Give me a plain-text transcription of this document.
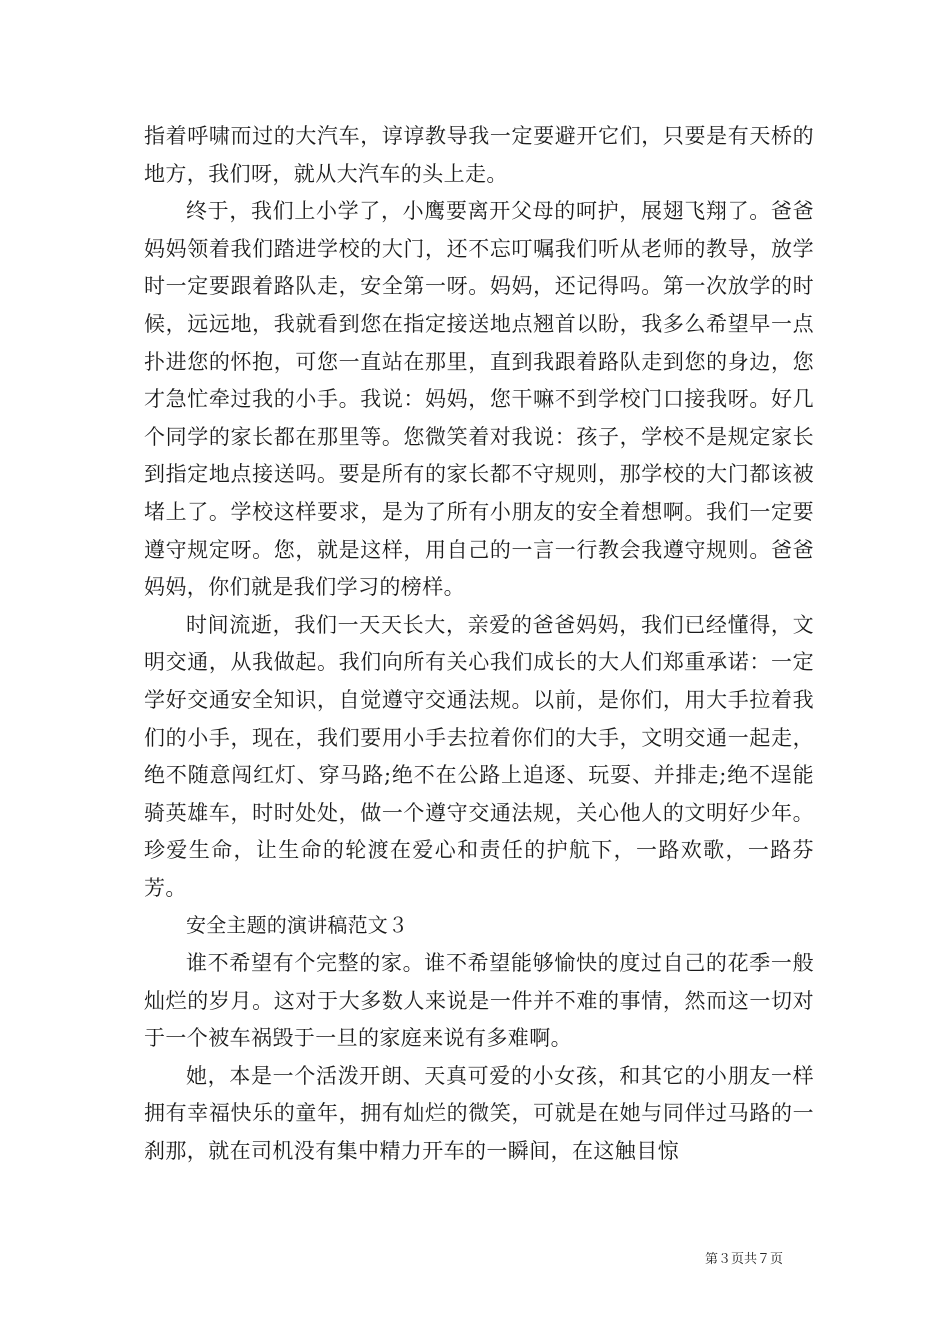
指着呼啸而过的大汽车，谆谆教导我一定要避开它们，只要是有天桥的地方，我们呀，就从大汽车的头上走。

终于，我们上小学了，小鹰要离开父母的呵护，展翅飞翔了。爸爸妈妈领着我们踏进学校的大门，还不忘叮嘱我们听从老师的教导，放学时一定要跟着路队走，安全第一呀。妈妈，还记得吗。第一次放学的时候，远远地，我就看到您在指定接送地点翘首以盼，我多么希望早一点扑进您的怀抱，可您一直站在那里，直到我跟着路队走到您的身边，您才急忙牵过我的小手。我说：妈妈，您干嘛不到学校门口接我呀。好几个同学的家长都在那里等。您微笑着对我说：孩子，学校不是规定家长到指定地点接送吗。要是所有的家长都不守规则，那学校的大门都该被堵上了。学校这样要求，是为了所有小朋友的安全着想啊。我们一定要遵守规定呀。您，就是这样，用自己的一言一行教会我遵守规则。爸爸妈妈，你们就是我们学习的榜样。

时间流逝，我们一天天长大，亲爱的爸爸妈妈，我们已经懂得，文明交通，从我做起。我们向所有关心我们成长的大人们郑重承诺：一定学好交通安全知识，自觉遵守交通法规。以前，是你们，用大手拉着我们的小手，现在，我们要用小手去拉着你们的大手，文明交通一起走，绝不随意闯红灯、穿马路;绝不在公路上追逐、玩耍、并排走;绝不逞能骑英雄车，时时处处，做一个遵守交通法规，关心他人的文明好少年。珍爱生命，让生命的轮渡在爱心和责任的护航下，一路欢歌，一路芬芳。

安全主题的演讲稿范文３

谁不希望有个完整的家。谁不希望能够愉快的度过自己的花季一般灿烂的岁月。这对于大多数人来说是一件并不难的事情，然而这一切对于一个被车祸毁于一旦的家庭来说有多难啊。

她，本是一个活泼开朗、天真可爱的小女孩，和其它的小朋友一样拥有幸福快乐的童年，拥有灿烂的微笑，可就是在她与同伴过马路的一刹那，就在司机没有集中精力开车的一瞬间，在这触目惊

第３页共７页
